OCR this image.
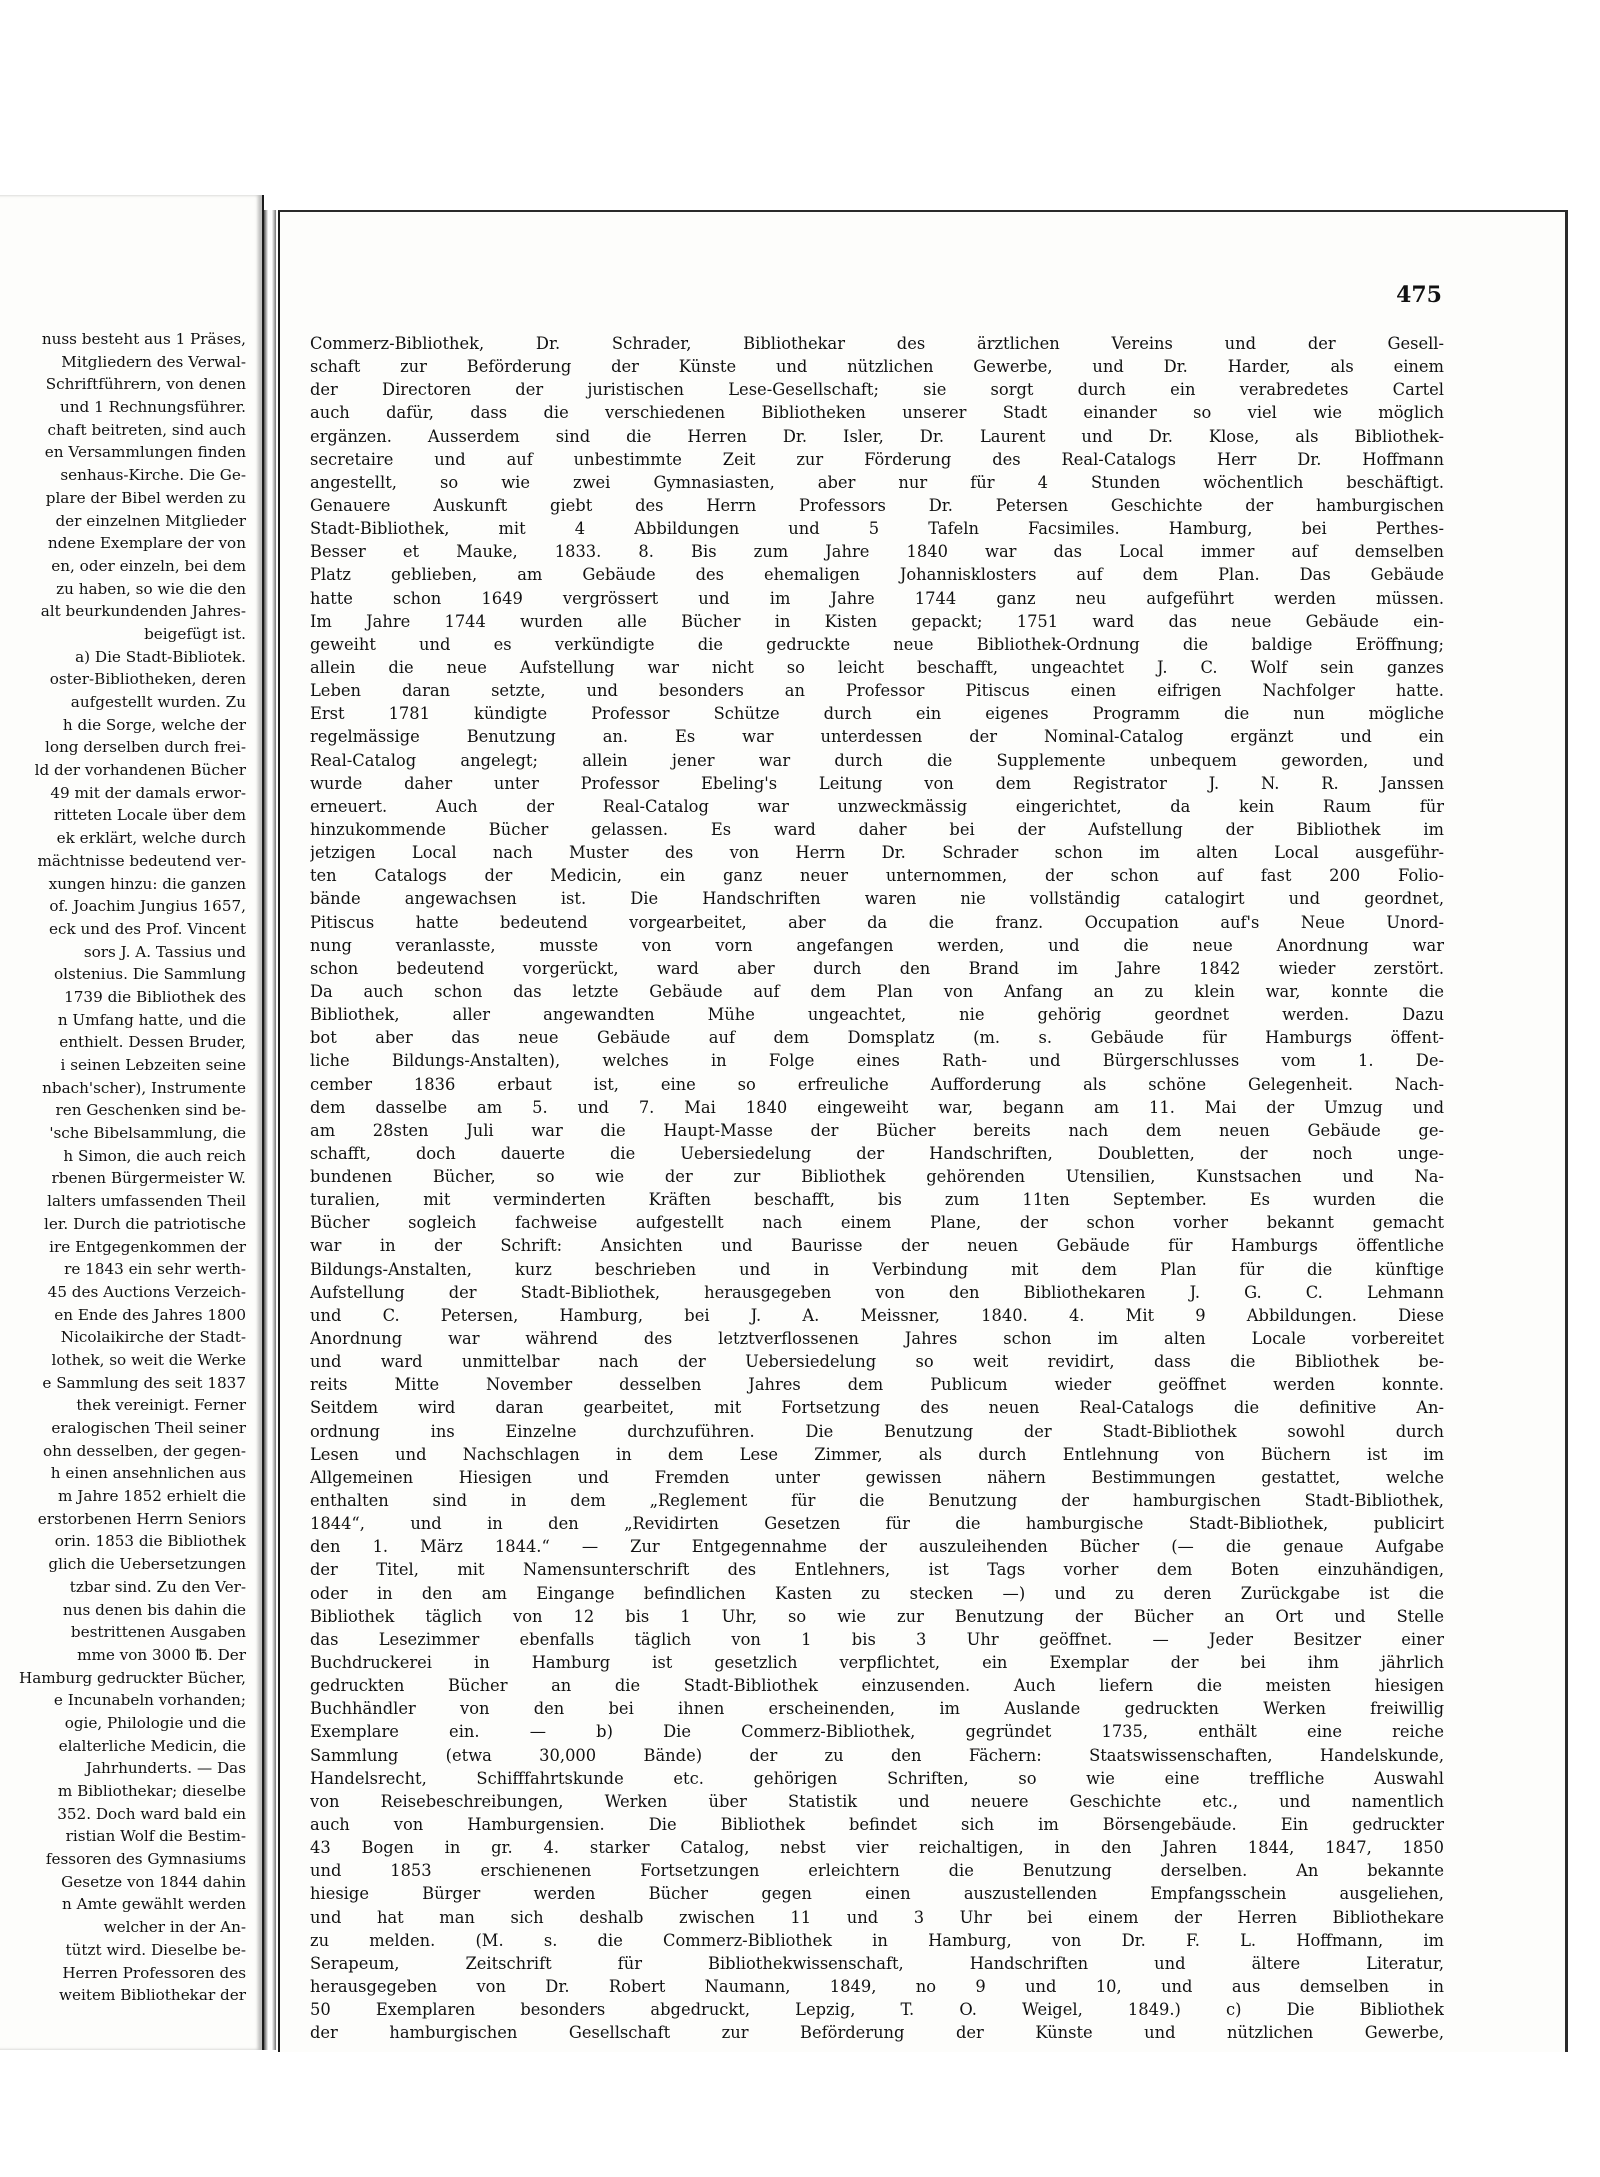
nuss besteht aus 1 Präses,
Mitgliedern des Verwal-
Schriftführern, von denen
und 1 Rechnungsführer.
chaft beitreten, sind auch
en Versammlungen finden
senhaus-Kirche. Die Ge-
plare der Bibel werden zu
der einzelnen Mitglieder
ndene Exemplare der von
en, oder einzeln, bei dem
zu haben, so wie die den
alt beurkundenden Jahres-
beigefügt ist.
a) Die Stadt-Bibliotek.
oster-Bibliotheken, deren
aufgestellt wurden. Zu
h die Sorge, welche der
long derselben durch frei-
ld der vorhandenen Bücher
49 mit der damals erwor-
ritteten Locale über dem
ek erklärt, welche durch
mächtnisse bedeutend ver-
xungen hinzu: die ganzen
of. Joachim Jungius 1657,
eck und des Prof. Vincent
sors J. A. Tassius und
olstenius. Die Sammlung
1739 die Bibliothek des
n Umfang hatte, und die
enthielt. Dessen Bruder,
i seinen Lebzeiten seine
nbach'scher), Instrumente
ren Geschenken sind be-
'sche Bibelsammlung, die
h Simon, die auch reich
rbenen Bürgermeister W.
lalters umfassenden Theil
ler. Durch die patriotische
ire Entgegenkommen der
re 1843 ein sehr werth-
45 des Auctions Verzeich-
en Ende des Jahres 1800
Nicolaikirche der Stadt-
lothek, so weit die Werke
e Sammlung des seit 1837
thek vereinigt. Ferner
eralogischen Theil seiner
ohn desselben, der gegen-
h einen ansehnlichen aus
m Jahre 1852 erhielt die
erstorbenen Herrn Seniors
orin. 1853 die Bibliothek
glich die Uebersetzungen
tzbar sind. Zu den Ver-
nus denen bis dahin die
bestrittenen Ausgaben
mme von 3000 ℔. Der
Hamburg gedruckter Bücher,
e Incunabeln vorhanden;
ogie, Philologie und die
elalterliche Medicin, die
Jahrhunderts. — Das
m Bibliothekar; dieselbe
352. Doch ward bald ein
ristian Wolf die Bestim-
fessoren des Gymnasiums
Gesetze von 1844 dahin
n Amte gewählt werden
welcher in der An-
tützt wird. Dieselbe be-
Herren Professoren des
weitem Bibliothekar der
475
Commerz-Bibliothek, Dr. Schrader, Bibliothekar des ärztlichen Vereins und der Gesell-
schaft zur Beförderung der Künste und nützlichen Gewerbe, und Dr. Harder, als einem
der Directoren der juristischen Lese-Gesellschaft; sie sorgt durch ein verabredetes Cartel
auch dafür, dass die verschiedenen Bibliotheken unserer Stadt einander so viel wie möglich
ergänzen. Ausserdem sind die Herren Dr. Isler, Dr. Laurent und Dr. Klose, als Bibliothek-
secretaire und auf unbestimmte Zeit zur Förderung des Real-Catalogs Herr Dr. Hoffmann
angestellt, so wie zwei Gymnasiasten, aber nur für 4 Stunden wöchentlich beschäftigt.
Genauere Auskunft giebt des Herrn Professors Dr. Petersen Geschichte der hamburgischen
Stadt-Bibliothek, mit 4 Abbildungen und 5 Tafeln Facsimiles. Hamburg, bei Perthes-
Besser et Mauke, 1833. 8. Bis zum Jahre 1840 war das Local immer auf demselben
Platz geblieben, am Gebäude des ehemaligen Johannisklosters auf dem Plan. Das Gebäude
hatte schon 1649 vergrössert und im Jahre 1744 ganz neu aufgeführt werden müssen.
Im Jahre 1744 wurden alle Bücher in Kisten gepackt; 1751 ward das neue Gebäude ein-
geweiht und es verkündigte die gedruckte neue Bibliothek-Ordnung die baldige Eröffnung;
allein die neue Aufstellung war nicht so leicht beschafft, ungeachtet J. C. Wolf sein ganzes
Leben daran setzte, und besonders an Professor Pitiscus einen eifrigen Nachfolger hatte.
Erst 1781 kündigte Professor Schütze durch ein eigenes Programm die nun mögliche
regelmässige Benutzung an. Es war unterdessen der Nominal-Catalog ergänzt und ein
Real-Catalog angelegt; allein jener war durch die Supplemente unbequem geworden, und
wurde daher unter Professor Ebeling's Leitung von dem Registrator J. N. R. Janssen
erneuert. Auch der Real-Catalog war unzweckmässig eingerichtet, da kein Raum für
hinzukommende Bücher gelassen. Es ward daher bei der Aufstellung der Bibliothek im
jetzigen Local nach Muster des von Herrn Dr. Schrader schon im alten Local ausgeführ-
ten Catalogs der Medicin, ein ganz neuer unternommen, der schon auf fast 200 Folio-
bände angewachsen ist. Die Handschriften waren nie vollständig catalogirt und geordnet,
Pitiscus hatte bedeutend vorgearbeitet, aber da die franz. Occupation auf's Neue Unord-
nung veranlasste, musste von vorn angefangen werden, und die neue Anordnung war
schon bedeutend vorgerückt, ward aber durch den Brand im Jahre 1842 wieder zerstört.
Da auch schon das letzte Gebäude auf dem Plan von Anfang an zu klein war, konnte die
Bibliothek, aller angewandten Mühe ungeachtet, nie gehörig geordnet werden. Dazu
bot aber das neue Gebäude auf dem Domsplatz (m. s. Gebäude für Hamburgs öffent-
liche Bildungs-Anstalten), welches in Folge eines Rath- und Bürgerschlusses vom 1. De-
cember 1836 erbaut ist, eine so erfreuliche Aufforderung als schöne Gelegenheit. Nach-
dem dasselbe am 5. und 7. Mai 1840 eingeweiht war, begann am 11. Mai der Umzug und
am 28sten Juli war die Haupt-Masse der Bücher bereits nach dem neuen Gebäude ge-
schafft, doch dauerte die Uebersiedelung der Handschriften, Doubletten, der noch unge-
bundenen Bücher, so wie der zur Bibliothek gehörenden Utensilien, Kunstsachen und Na-
turalien, mit verminderten Kräften beschafft, bis zum 11ten September. Es wurden die
Bücher sogleich fachweise aufgestellt nach einem Plane, der schon vorher bekannt gemacht
war in der Schrift: Ansichten und Baurisse der neuen Gebäude für Hamburgs öffentliche
Bildungs-Anstalten, kurz beschrieben und in Verbindung mit dem Plan für die künftige
Aufstellung der Stadt-Bibliothek, herausgegeben von den Bibliothekaren J. G. C. Lehmann
und C. Petersen, Hamburg, bei J. A. Meissner, 1840. 4. Mit 9 Abbildungen. Diese
Anordnung war während des letztverflossenen Jahres schon im alten Locale vorbereitet
und ward unmittelbar nach der Uebersiedelung so weit revidirt, dass die Bibliothek be-
reits Mitte November desselben Jahres dem Publicum wieder geöffnet werden konnte.
Seitdem wird daran gearbeitet, mit Fortsetzung des neuen Real-Catalogs die definitive An-
ordnung ins Einzelne durchzuführen. Die Benutzung der Stadt-Bibliothek sowohl durch
Lesen und Nachschlagen in dem Lese Zimmer, als durch Entlehnung von Büchern ist im
Allgemeinen Hiesigen und Fremden unter gewissen nähern Bestimmungen gestattet, welche
enthalten sind in dem „Reglement für die Benutzung der hamburgischen Stadt-Bibliothek,
1844“, und in den „Revidirten Gesetzen für die hamburgische Stadt-Bibliothek, publicirt
den 1. März 1844.“ — Zur Entgegennahme der auszuleihenden Bücher (— die genaue Aufgabe
der Titel, mit Namensunterschrift des Entlehners, ist Tags vorher dem Boten einzuhändigen,
oder in den am Eingange befindlichen Kasten zu stecken —) und zu deren Zurückgabe ist die
Bibliothek täglich von 12 bis 1 Uhr, so wie zur Benutzung der Bücher an Ort und Stelle
das Lesezimmer ebenfalls täglich von 1 bis 3 Uhr geöffnet. — Jeder Besitzer einer
Buchdruckerei in Hamburg ist gesetzlich verpflichtet, ein Exemplar der bei ihm jährlich
gedruckten Bücher an die Stadt-Bibliothek einzusenden. Auch liefern die meisten hiesigen
Buchhändler von den bei ihnen erscheinenden, im Auslande gedruckten Werken freiwillig
Exemplare ein. — b) Die Commerz-Bibliothek, gegründet 1735, enthält eine reiche
Sammlung (etwa 30,000 Bände) der zu den Fächern: Staatswissenschaften, Handelskunde,
Handelsrecht, Schifffahrtskunde etc. gehörigen Schriften, so wie eine treffliche Auswahl
von Reisebeschreibungen, Werken über Statistik und neuere Geschichte etc., und namentlich
auch von Hamburgensien. Die Bibliothek befindet sich im Börsengebäude. Ein gedruckter
43 Bogen in gr. 4. starker Catalog, nebst vier reichaltigen, in den Jahren 1844, 1847, 1850
und 1853 erschienenen Fortsetzungen erleichtern die Benutzung derselben. An bekannte
hiesige Bürger werden Bücher gegen einen auszustellenden Empfangsschein ausgeliehen,
und hat man sich deshalb zwischen 11 und 3 Uhr bei einem der Herren Bibliothekare
zu melden. (M. s. die Commerz-Bibliothek in Hamburg, von Dr. F. L. Hoffmann, im
Serapeum, Zeitschrift für Bibliothekwissenschaft, Handschriften und ältere Literatur,
herausgegeben von Dr. Robert Naumann, 1849, no 9 und 10, und aus demselben in
50 Exemplaren besonders abgedruckt, Lepzig, T. O. Weigel, 1849.) c) Die Bibliothek
der hamburgischen Gesellschaft zur Beförderung der Künste und nützlichen Gewerbe,
